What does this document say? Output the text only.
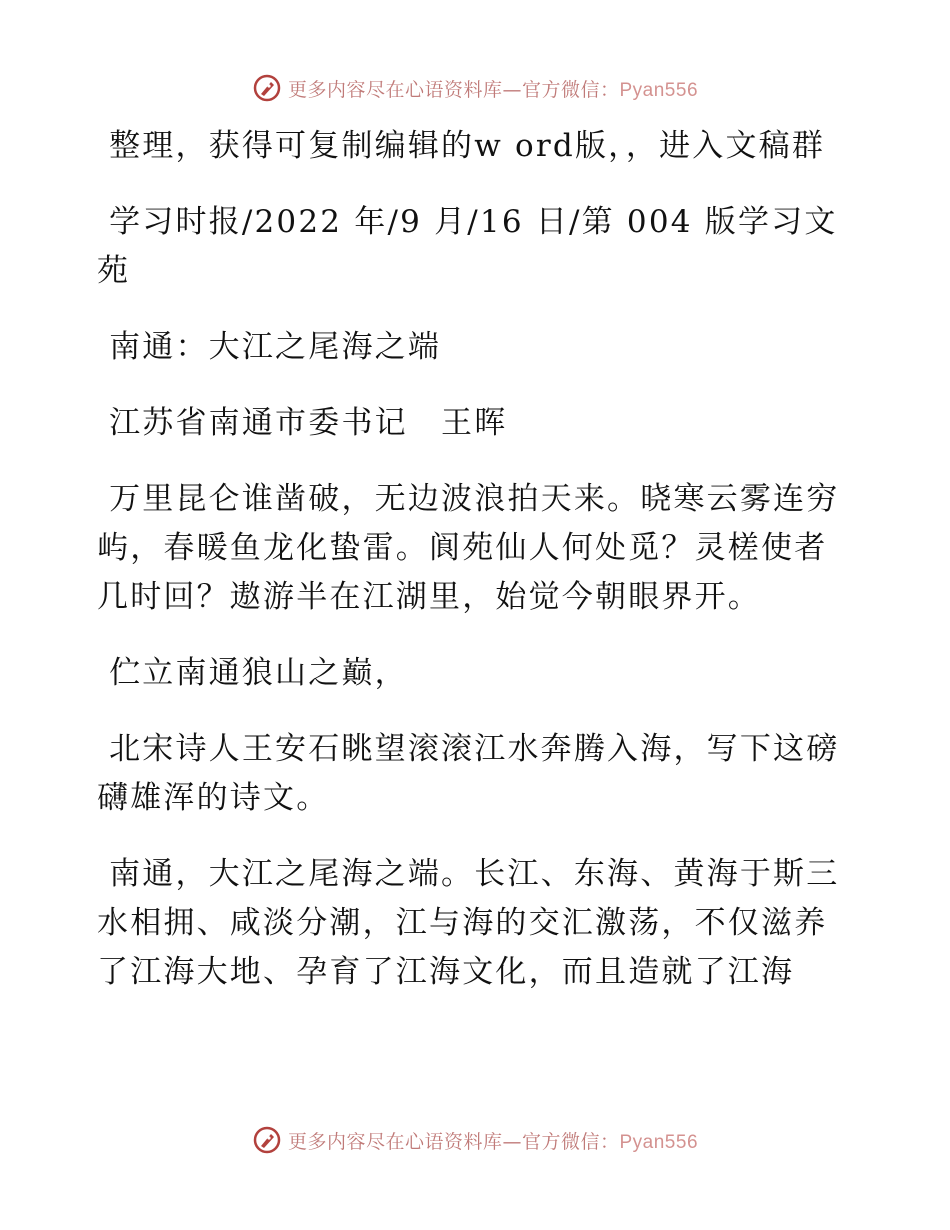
更多内容尽在心语资料库—官方微信：Pyan556

整理，获得可复制编辑的w ord版，，进入文稿群

学习时报/2022 年/9 月/16 日/第 004 版学习文苑

南通：大江之尾海之端

江苏省南通市委书记　王晖

万里昆仑谁凿破，无边波浪拍天来。晓寒云雾连穷屿，春暖鱼龙化蛰雷。阆苑仙人何处觅？灵槎使者几时回？遨游半在江湖里，始觉今朝眼界开。

伫立南通狼山之巅，

北宋诗人王安石眺望滚滚江水奔腾入海，写下这磅礴雄浑的诗文。

南通，大江之尾海之端。长江、东海、黄海于斯三水相拥、咸淡分潮，江与海的交汇激荡，不仅滋养了江海大地、孕育了江海文化，而且造就了江海

更多内容尽在心语资料库—官方微信：Pyan556
